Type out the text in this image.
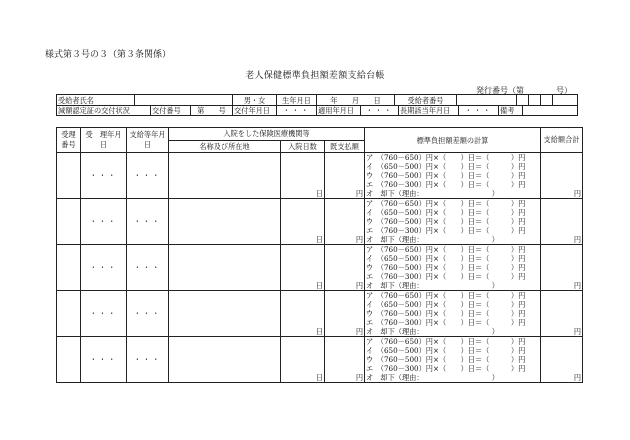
様式第３号の３（第３条関係）
老人保健標準負担額差額支給台帳
発行番号（第　　　　号）
受給者氏名		男・女	生年月日	年　　月　　日	受給者番号					
減額認定証の交付状況	交付番号	第　　号	交付年月日	・・・	適用年月日	・・・	長期該当年月日	・・・	備考	
受理番号	受　理年月日	支給等年月日	入院をした保険医療機関等			標準負担額差額の計算	支給額合計
			名称及び所在地	入院日数	既支払額		
	・・・	・・・		日	円	ア　（760－650）円×（　　）日＝（　　　）円
イ　（650－500）円×（　　）日＝（　　　）円
ウ　（760－500）円×（　　）日＝（　　　）円
エ　（760－300）円×（　　）日＝（　　　）円
オ　却下（理由：　　　　　　　　　　）	円
	・・・	・・・		日	円	ア　（760－650）円×（　　）日＝（　　　）円
イ　（650－500）円×（　　）日＝（　　　）円
ウ　（760－500）円×（　　）日＝（　　　）円
エ　（760－300）円×（　　）日＝（　　　）円
オ　却下（理由：　　　　　　　　　　）	円
	・・・	・・・		日	円	ア　（760－650）円×（　　）日＝（　　　）円
イ　（650－500）円×（　　）日＝（　　　）円
ウ　（760－500）円×（　　）日＝（　　　）円
エ　（760－300）円×（　　）日＝（　　　）円
オ　却下（理由：　　　　　　　　　　）	円
	・・・	・・・		日	円	ア　（760－650）円×（　　）日＝（　　　）円
イ　（650－500）円×（　　）日＝（　　　）円
ウ　（760－500）円×（　　）日＝（　　　）円
エ　（760－300）円×（　　）日＝（　　　）円
オ　却下（理由：　　　　　　　　　　）	円
	・・・	・・・		日	円	ア　（760－650）円×（　　）日＝（　　　）円
イ　（650－500）円×（　　）日＝（　　　）円
ウ　（760－500）円×（　　）日＝（　　　）円
エ　（760－300）円×（　　）日＝（　　　）円
オ　却下（理由：　　　　　　　　　　）	円
